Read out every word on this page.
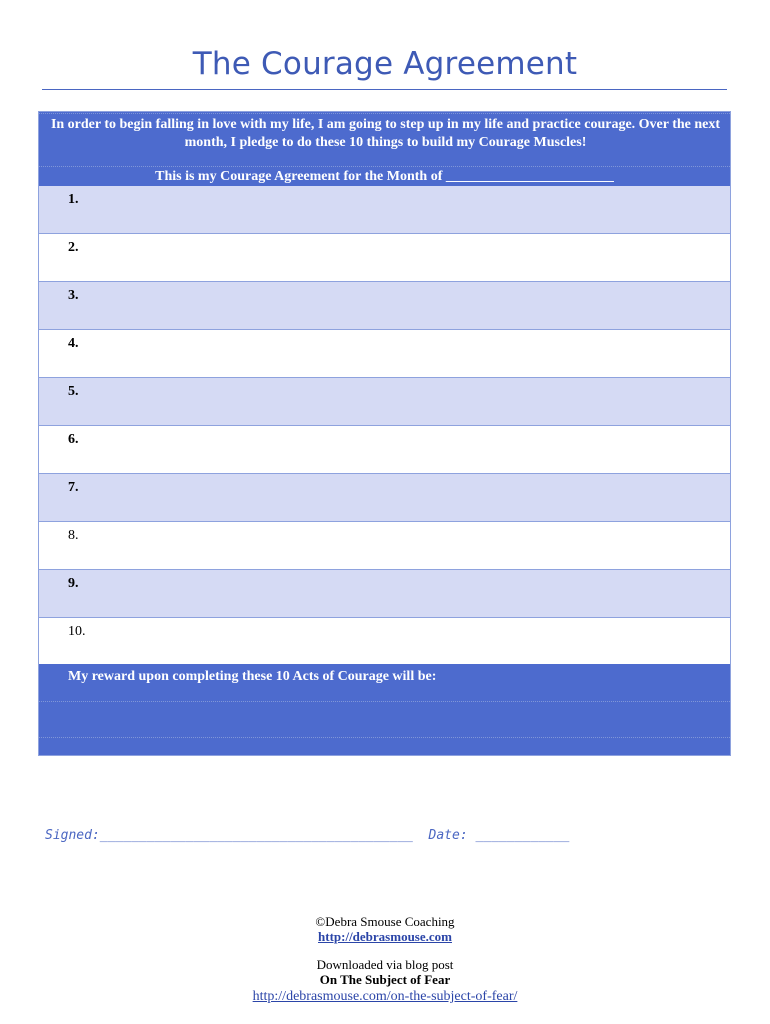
The Courage Agreement
In order to begin falling in love with my life, I am going to step up in my life and practice courage. Over the next month, I pledge to do these 10 things to build my Courage Muscles!
This is my Courage Agreement for the Month of ________________________
1.
2.
3.
4.
5.
6.
7.
8.
9.
10.
My reward upon completing these 10 Acts of Courage will be:
Signed:________________________________________  Date: ____________
©Debra Smouse Coaching
http://debrasmouse.com
Downloaded via blog post
On The Subject of Fear
http://debrasmouse.com/on-the-subject-of-fear/
